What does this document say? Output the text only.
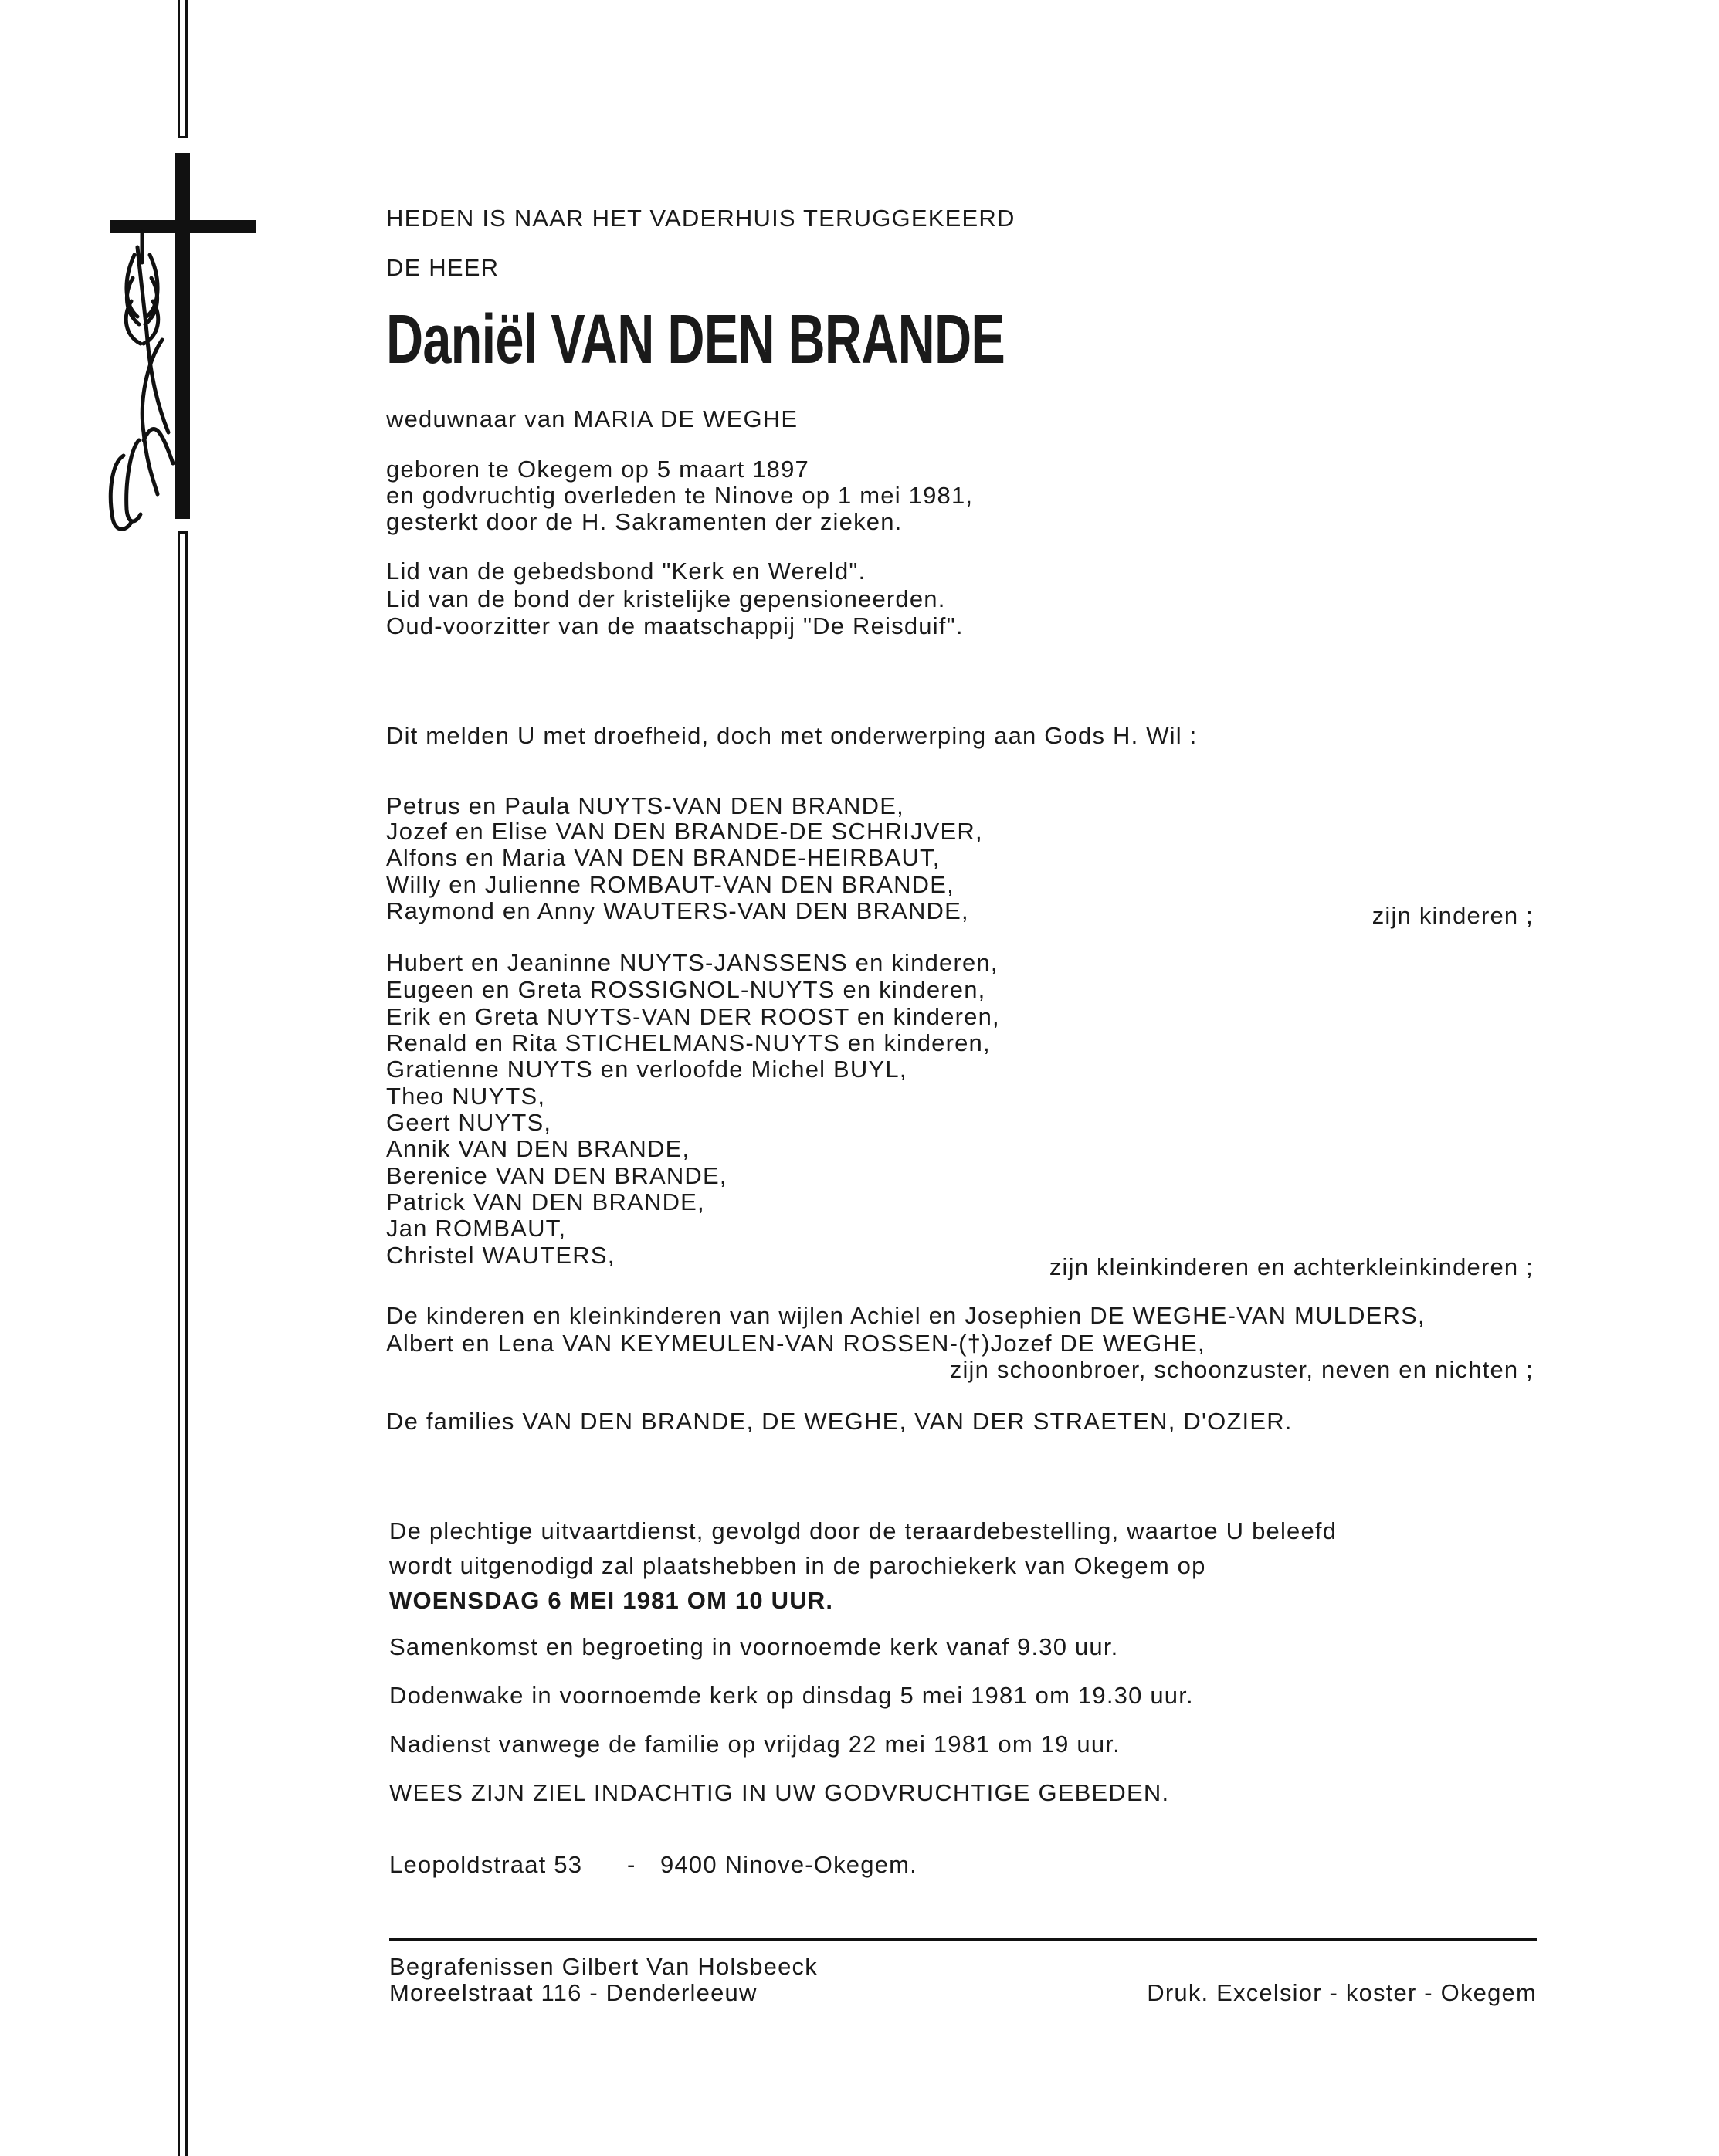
HEDEN IS NAAR HET VADERHUIS TERUGGEKEERD
DE HEER
Daniël VAN DEN BRANDE
weduwnaar van MARIA DE WEGHE
geboren te Okegem op 5 maart 1897
en godvruchtig overleden te Ninove op 1 mei 1981,
gesterkt door de H. Sakramenten der zieken.
Lid van de gebedsbond "Kerk en Wereld".
Lid van de bond der kristelijke gepensioneerden.
Oud-voorzitter van de maatschappij "De Reisduif".
Dit melden U met droefheid, doch met onderwerping aan Gods H. Wil :
Petrus en Paula NUYTS-VAN DEN BRANDE,
Jozef en Elise VAN DEN BRANDE-DE SCHRIJVER,
Alfons en Maria VAN DEN BRANDE-HEIRBAUT,
Willy en Julienne ROMBAUT-VAN DEN BRANDE,
Raymond en Anny WAUTERS-VAN DEN BRANDE,	zijn kinderen ;
Hubert en Jeaninne NUYTS-JANSSENS en kinderen,
Eugeen en Greta ROSSIGNOL-NUYTS en kinderen,
Erik en Greta NUYTS-VAN DER ROOST en kinderen,
Renald en Rita STICHELMANS-NUYTS en kinderen,
Gratienne NUYTS en verloofde Michel BUYL,
Theo NUYTS,
Geert NUYTS,
Annik VAN DEN BRANDE,
Berenice VAN DEN BRANDE,
Patrick VAN DEN BRANDE,
Jan ROMBAUT,
Christel WAUTERS,	zijn kleinkinderen en achterkleinkinderen ;
De kinderen en kleinkinderen van wijlen Achiel en Josephien DE WEGHE-VAN MULDERS,
Albert en Lena VAN KEYMEULEN-VAN ROSSEN-(†)Jozef DE WEGHE,
zijn schoonbroer, schoonzuster, neven en nichten ;
De families VAN DEN BRANDE, DE WEGHE, VAN DER STRAETEN, D'OZIER.
De plechtige uitvaartdienst, gevolgd door de teraardebestelling, waartoe U beleefd
wordt uitgenodigd zal plaatshebben in de parochiekerk van Okegem op
WOENSDAG 6 MEI 1981 OM 10 UUR.
Samenkomst en begroeting in voornoemde kerk vanaf 9.30 uur.
Dodenwake in voornoemde kerk op dinsdag 5 mei 1981 om 19.30 uur.
Nadienst vanwege de familie op vrijdag 22 mei 1981 om 19 uur.
WEES ZIJN ZIEL INDACHTIG IN UW GODVRUCHTIGE GEBEDEN.
Leopoldstraat 53 - 9400 Ninove-Okegem.
Begrafenissen Gilbert Van Holsbeeck
Moreelstraat 116 - Denderleeuw	Druk. Excelsior - koster - Okegem
